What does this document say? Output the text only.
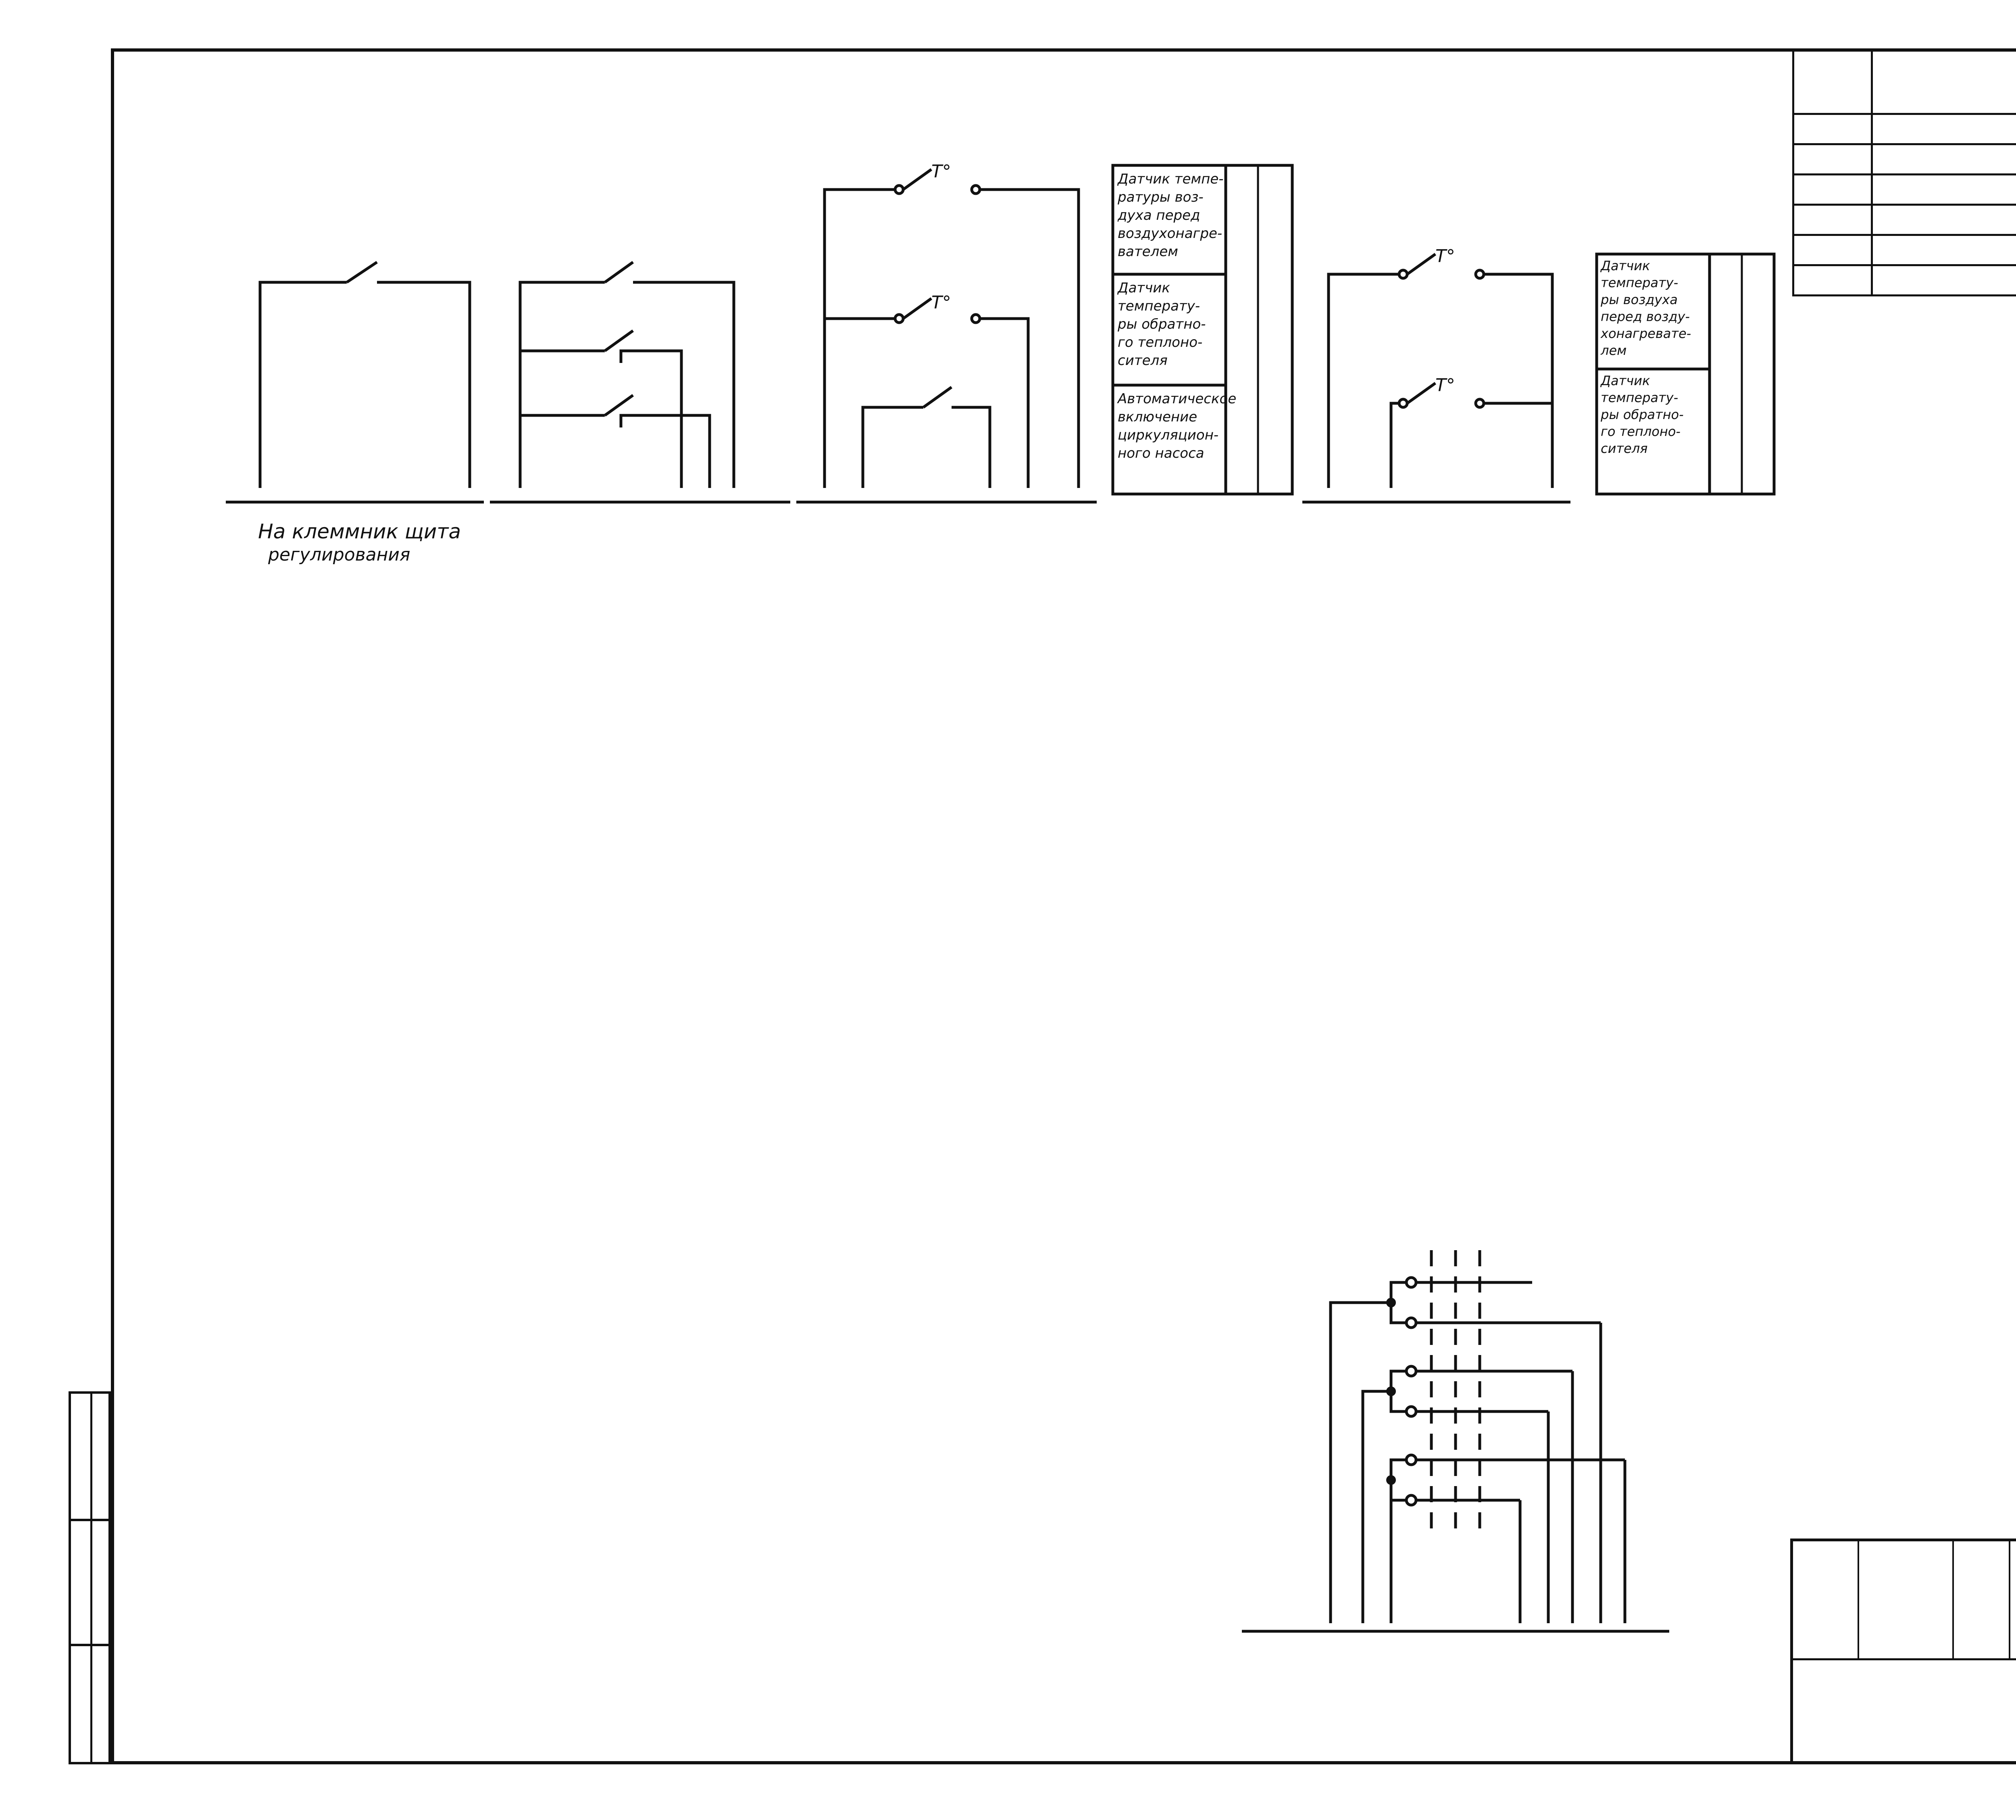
На клеммник щита
регулирования
T°
T°
Датчик темпе-
ратуры воз-
духа перед
воздухонагре-
вателем
Датчик
температу-
ры обратно-
го теплоно-
сителя
Автоматическое
включение
циркуляцион-
ного насоса
T°
T°
Датчик
температу-
ры воздуха
перед возду-
хонагревате-
лем
Датчик
температу-
ры обратно-
го теплоно-
сителя
